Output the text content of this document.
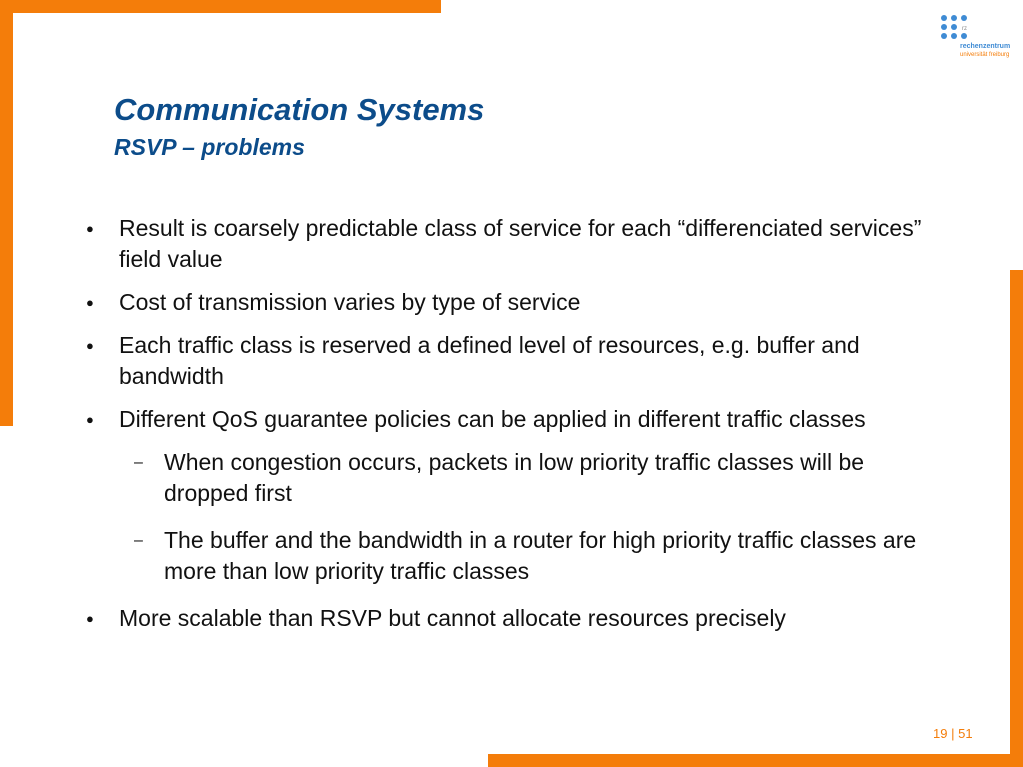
rz
rechenzentrum
universität freiburg
Communication Systems
RSVP – problems
● Result is coarsely predictable class of service for each “differenciated services” field value
● Cost of transmission varies by type of service
● Each traffic class is reserved a defined level of resources, e.g. buffer and bandwidth
● Different QoS guarantee policies can be applied in different traffic classes
– When congestion occurs, packets in low priority traffic classes will be dropped first
– The buffer and the bandwidth in a router for high priority traffic classes are more than low priority traffic classes
● More scalable than RSVP but cannot allocate resources precisely
19 | 51
